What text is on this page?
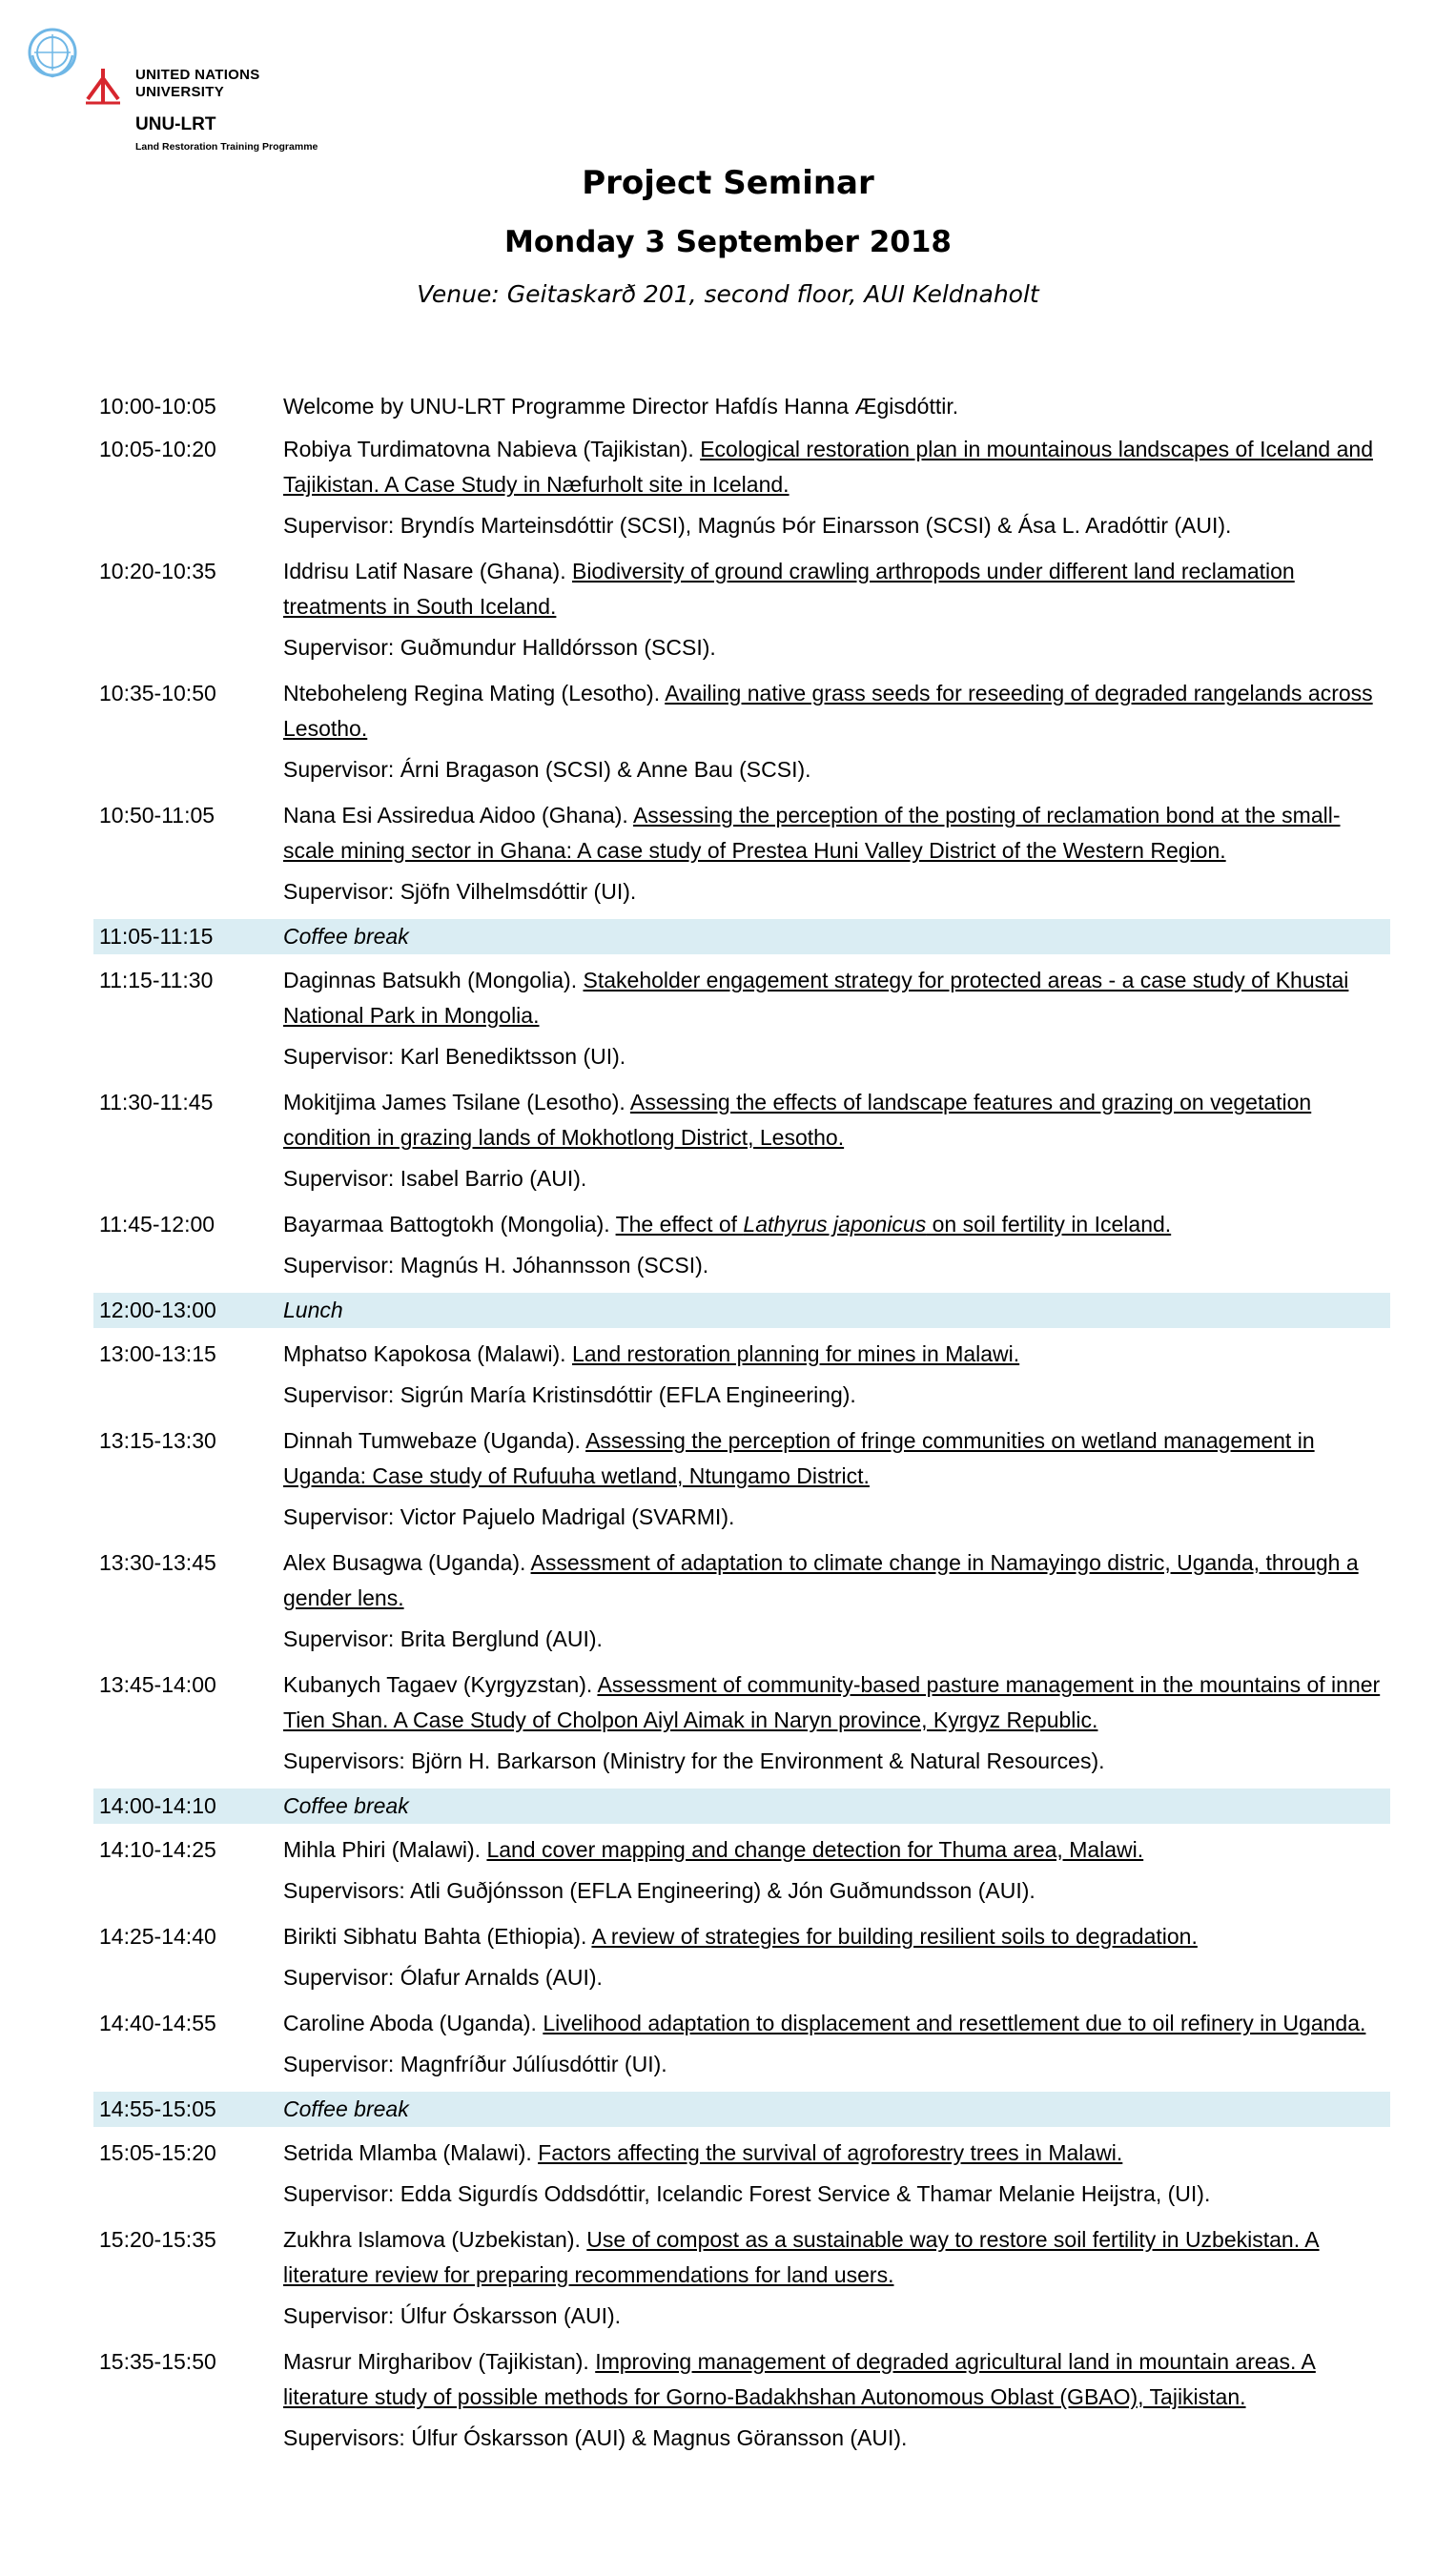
UNITED NATIONS
UNIVERSITY
UNU-LRT
Land Restoration Training Programme
Project Seminar
Monday 3 September 2018
Venue: Geitaskarð 201, second floor, AUI Keldnaholt
10:00-10:05	Welcome by UNU-LRT Programme Director Hafdís Hanna Ægisdóttir.
10:05-10:20	Robiya Turdimatovna Nabieva (Tajikistan). Ecological restoration plan in mountainous landscapes of Iceland and Tajikistan. A Case Study in Næfurholt site in Iceland.
Supervisor: Bryndís Marteinsdóttir (SCSI), Magnús Þór Einarsson (SCSI) & Ása L. Aradóttir (AUI).
10:20-10:35	Iddrisu Latif Nasare (Ghana). Biodiversity of ground crawling arthropods under different land reclamation treatments in South Iceland.
Supervisor: Guðmundur Halldórsson (SCSI).
10:35-10:50	Nteboheleng Regina Mating (Lesotho). Availing native grass seeds for reseeding of degraded rangelands across Lesotho.
Supervisor: Árni Bragason (SCSI) & Anne Bau (SCSI).
10:50-11:05	Nana Esi Assiredua Aidoo (Ghana). Assessing the perception of the posting of reclamation bond at the small-scale mining sector in Ghana: A case study of Prestea Huni Valley District of the Western Region.
Supervisor: Sjöfn Vilhelmsdóttir (UI).
11:05-11:15	Coffee break
11:15-11:30	Daginnas Batsukh (Mongolia). Stakeholder engagement strategy for protected areas - a case study of Khustai National Park in Mongolia.
Supervisor: Karl Benediktsson (UI).
11:30-11:45	Mokitjima James Tsilane (Lesotho). Assessing the effects of landscape features and grazing on vegetation condition in grazing lands of Mokhotlong District, Lesotho.
Supervisor: Isabel Barrio (AUI).
11:45-12:00	Bayarmaa Battogtokh (Mongolia). The effect of Lathyrus japonicus on soil fertility in Iceland.
Supervisor: Magnús H. Jóhannsson (SCSI).
12:00-13:00	Lunch
13:00-13:15	Mphatso Kapokosa (Malawi). Land restoration planning for mines in Malawi.
Supervisor: Sigrún María Kristinsdóttir (EFLA Engineering).
13:15-13:30	Dinnah Tumwebaze (Uganda). Assessing the perception of fringe communities on wetland management in Uganda: Case study of Rufuuha wetland, Ntungamo District.
Supervisor: Victor Pajuelo Madrigal (SVARMI).
13:30-13:45	Alex Busagwa (Uganda). Assessment of adaptation to climate change in Namayingo distric, Uganda, through a gender lens.
Supervisor: Brita Berglund (AUI).
13:45-14:00	Kubanych Tagaev (Kyrgyzstan). Assessment of community-based pasture management in the mountains of inner Tien Shan. A Case Study of Cholpon Aiyl Aimak in Naryn province, Kyrgyz Republic.
Supervisors: Björn H. Barkarson (Ministry for the Environment & Natural Resources).
14:00-14:10	Coffee break
14:10-14:25	Mihla Phiri (Malawi). Land cover mapping and change detection for Thuma area, Malawi.
Supervisors: Atli Guðjónsson (EFLA Engineering) & Jón Guðmundsson (AUI).
14:25-14:40	Birikti Sibhatu Bahta (Ethiopia). A review of strategies for building resilient soils to degradation.
Supervisor: Ólafur Arnalds (AUI).
14:40-14:55	Caroline Aboda (Uganda). Livelihood adaptation to displacement and resettlement due to oil refinery in Uganda.
Supervisor: Magnfríður Júlíusdóttir (UI).
14:55-15:05	Coffee break
15:05-15:20	Setrida Mlamba (Malawi). Factors affecting the survival of agroforestry trees in Malawi.
Supervisor: Edda Sigurdís Oddsdóttir, Icelandic Forest Service & Thamar Melanie Heijstra, (UI).
15:20-15:35	Zukhra Islamova (Uzbekistan). Use of compost as a sustainable way to restore soil fertility in Uzbekistan. A literature review for preparing recommendations for land users.
Supervisor: Úlfur Óskarsson (AUI).
15:35-15:50	Masrur Mirgharibov (Tajikistan). Improving management of degraded agricultural land in mountain areas. A literature study of possible methods for Gorno-Badakhshan Autonomous Oblast (GBAO), Tajikistan.
Supervisors: Úlfur Óskarsson (AUI) & Magnus Göransson (AUI).
